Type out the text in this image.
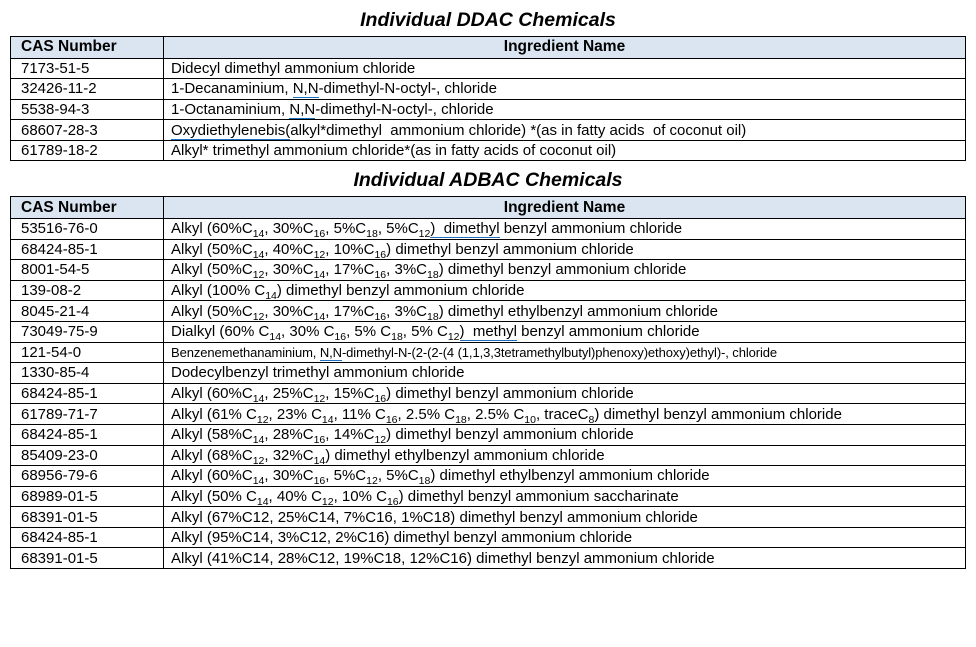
Individual DDAC Chemicals
CAS Number	Ingredient Name
7173-51-5	Didecyl dimethyl ammonium chloride
32426-11-2	1-Decanaminium, N,N-dimethyl-N-octyl-, chloride
5538-94-3	1-Octanaminium, N,N-dimethyl-N-octyl-, chloride
68607-28-3	Oxydiethylenebis(alkyl*dimethyl  ammonium chloride) *(as in fatty acids  of coconut oil)
61789-18-2	Alkyl* trimethyl ammonium chloride*(as in fatty acids of coconut oil)
Individual ADBAC Chemicals
CAS Number	Ingredient Name
53516-76-0	Alkyl ($60\%C_{14}$, $30\%C_{16}$, $5\%C_{18}$, $5\%C_{12}$)  dimethyl benzyl ammonium chloride
68424-85-1	Alkyl ($50\%C_{14}$, $40\%C_{12}$, $10\%C_{16}$) dimethyl benzyl ammonium chloride
8001-54-5	Alkyl ($50\%C_{12}$, $30\%C_{14}$, $17\%C_{16}$, $3\%C_{18}$) dimethyl benzyl ammonium chloride
139-08-2	Alkyl (100% $C_{14}$) dimethyl benzyl ammonium chloride
8045-21-4	Alkyl ($50\%C_{12}$, $30\%C_{14}$, $17\%C_{16}$, $3\%C_{18}$) dimethyl ethylbenzyl ammonium chloride
73049-75-9	Dialkyl (60% $C_{14}$, 30% $C_{16}$, 5% $C_{18}$, 5% $C_{12}$)  methyl benzyl ammonium chloride
121-54-0	Benzenemethanaminium, N,N-dimethyl-N-(2-(2-(4 (1,1,3,3tetramethylbutyl)phenoxy)ethoxy)ethyl)-, chloride
1330-85-4	Dodecylbenzyl trimethyl ammonium chloride
68424-85-1	Alkyl ($60\%C_{14}$, $25\%C_{12}$, $15\%C_{16}$) dimethyl benzyl ammonium chloride
61789-71-7	Alkyl (61% $C_{12}$, 23% $C_{14}$, 11% $C_{16}$, 2.5% $C_{18}$, 2.5% $C_{10}$, traceC$_8$) dimethyl benzyl ammonium chloride
68424-85-1	Alkyl ($58\%C_{14}$, $28\%C_{16}$, $14\%C_{12}$) dimethyl benzyl ammonium chloride
85409-23-0	Alkyl ($68\%C_{12}$, $32\%C_{14}$) dimethyl ethylbenzyl ammonium chloride
68956-79-6	Alkyl ($60\%C_{14}$, $30\%C_{16}$, $5\%C_{12}$, $5\%C_{18}$) dimethyl ethylbenzyl ammonium chloride
68989-01-5	Alkyl (50% $C_{14}$, 40% $C_{12}$, 10% $C_{16}$) dimethyl benzyl ammonium saccharinate
68391-01-5	Alkyl (67%C12, 25%C14, 7%C16, 1%C18) dimethyl benzyl ammonium chloride
68424-85-1	Alkyl (95%C14, 3%C12, 2%C16) dimethyl benzyl ammonium chloride
68391-01-5	Alkyl (41%C14, 28%C12, 19%C18, 12%C16) dimethyl benzyl ammonium chloride
